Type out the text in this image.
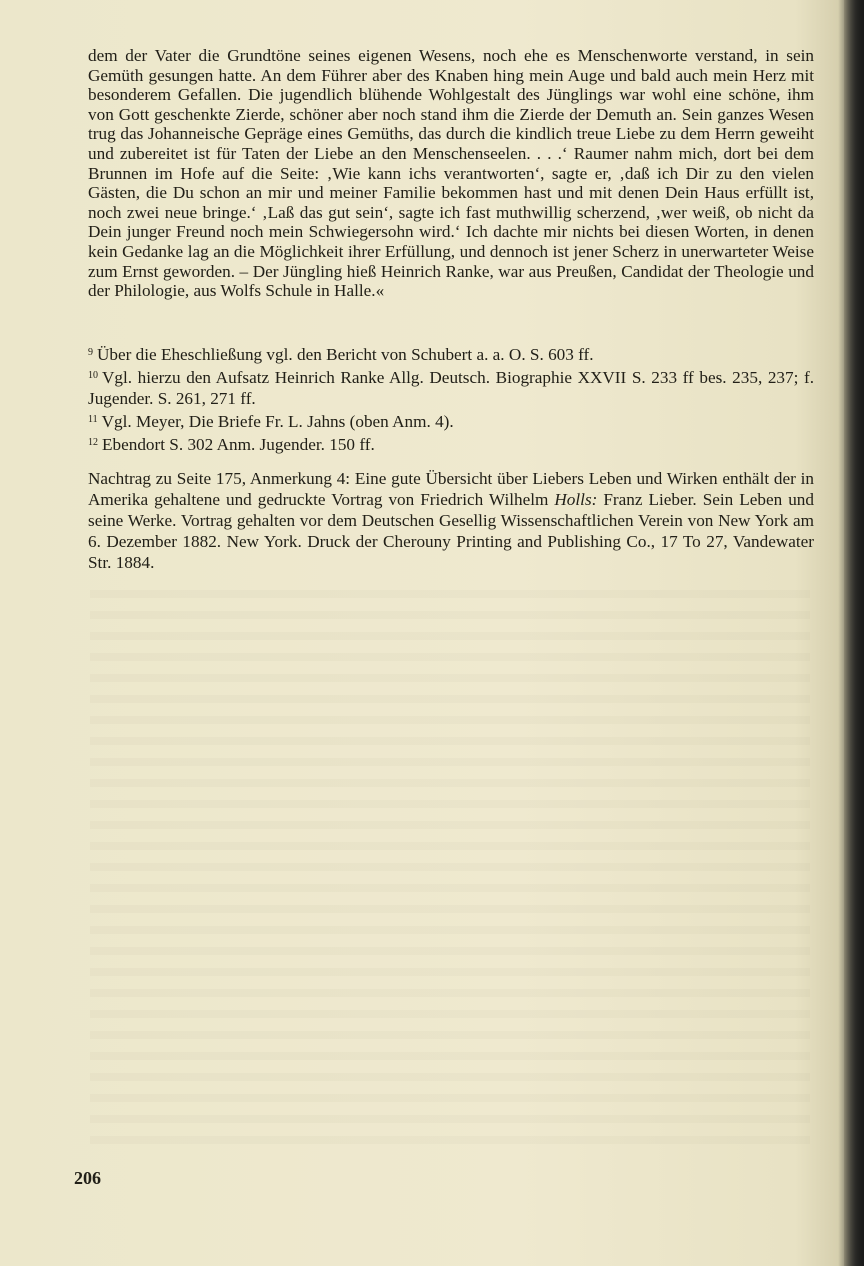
dem der Vater die Grundtöne seines eigenen Wesens, noch ehe es Menschenworte verstand, in sein Gemüth gesungen hatte. An dem Führer aber des Knaben hing mein Auge und bald auch mein Herz mit besonderem Gefallen. Die jugendlich blühende Wohlgestalt des Jünglings war wohl eine schöne, ihm von Gott geschenkte Zierde, schöner aber noch stand ihm die Zierde der Demuth an. Sein ganzes Wesen trug das Johanneische Gepräge eines Gemüths, das durch die kindlich treue Liebe zu dem Herrn geweiht und zubereitet ist für Taten der Liebe an den Menschenseelen. . . .‘ Raumer nahm mich, dort bei dem Brunnen im Hofe auf die Seite: ‚Wie kann ichs verantworten‘, sagte er, ‚daß ich Dir zu den vielen Gästen, die Du schon an mir und meiner Familie bekommen hast und mit denen Dein Haus erfüllt ist, noch zwei neue bringe.‘ ‚Laß das gut sein‘, sagte ich fast muthwillig scherzend, ‚wer weiß, ob nicht da Dein junger Freund noch mein Schwiegersohn wird.‘ Ich dachte mir nichts bei diesen Worten, in denen kein Gedanke lag an die Möglichkeit ihrer Erfüllung, und dennoch ist jener Scherz in unerwarteter Weise zum Ernst geworden. – Der Jüngling hieß Heinrich Ranke, war aus Preußen, Candidat der Theologie und der Philologie, aus Wolfs Schule in Halle.«

$^9$ Über die Eheschließung vgl. den Bericht von Schubert a. a. O. S. 603 ff.

$^{10}$ Vgl. hierzu den Aufsatz Heinrich Ranke Allg. Deutsch. Biographie XXVII S. 233 ff bes. 235, 237; f. Jugender. S. 261, 271 ff.

$^{11}$ Vgl. Meyer, Die Briefe Fr. L. Jahns (oben Anm. 4).

$^{12}$ Ebendort S. 302 Anm. Jugender. 150 ff.

Nachtrag zu Seite 175, Anmerkung 4: Eine gute Übersicht über Liebers Leben und Wirken enthält der in Amerika gehaltene und gedruckte Vortrag von Friedrich Wilhelm Holls: Franz Lieber. Sein Leben und seine Werke. Vortrag gehalten vor dem Deutschen Gesellig Wissenschaftlichen Verein von New York am 6. Dezember 1882. New York. Druck der Cherouny Printing and Publishing Co., 17 To 27, Vandewater Str. 1884.

206
